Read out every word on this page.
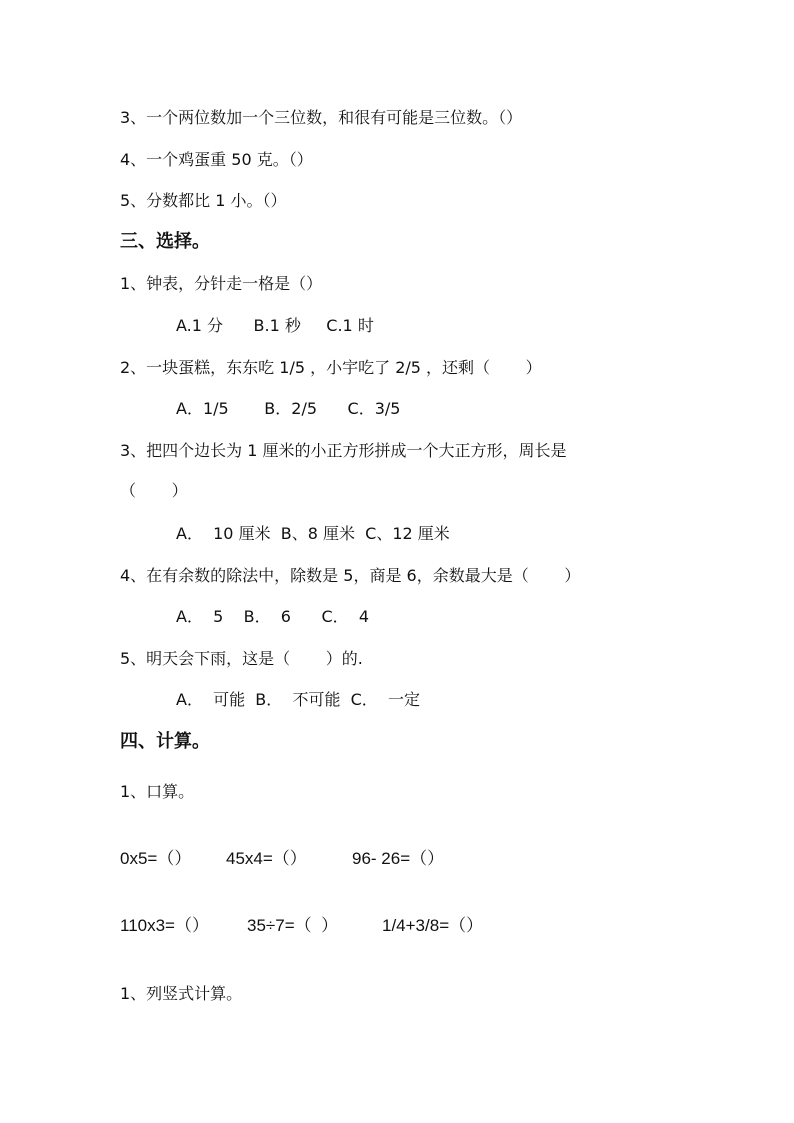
3、一个两位数加一个三位数，和很有可能是三位数。（）
4、一个鸡蛋重 50 克。（）
5、分数都比 1 小。（）
三、选择。
1、钟表，分针走一格是（）
A.1 分      B.1 秒     C.1 时
2、一块蛋糕，东东吃 1/5 ，小宇吃了 2/5 ，还剩（       ）
A．1/5       B．2/5      C．3/5
3、把四个边长为 1 厘米的小正方形拼成一个大正方形，周长是
（       ）
A．  10 厘米  B、8 厘米  C、12 厘米
4、在有余数的除法中，除数是 5，商是 6，余数最大是（       ）
A．  5    B．  6      C．  4
5、明天会下雨，这是（       ）的.
A．  可能  B．  不可能  C．  一定
四、计算。
1、口算。

0x5=（）

45x4=（）

	96- 26=（）

110x3=（）

35÷7=（  ）

	1/4+3/8=（）

1、列竖式计算。
